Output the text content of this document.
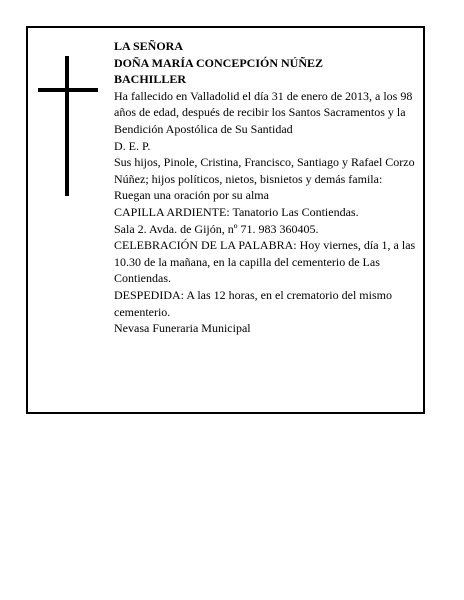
LA SEÑORA

DOÑA MARÍA CONCEPCIÓN NÚÑEZ

BACHILLER

Ha fallecido en Valladolid el día 31 de enero de 2013, a los 98 años de edad, después de recibir los Santos Sacramentos y la Bendición Apostólica de Su Santidad

D. E. P.

Sus hijos, Pinole, Cristina, Francisco, Santiago y Rafael Corzo Núñez; hijos políticos, nietos, bisnietos y demás famila:

Ruegan una oración por su alma

CAPILLA ARDIENTE: Tanatorio Las Contiendas.

Sala 2. Avda. de Gijón, nº 71. 983 360405.

CELEBRACIÓN DE LA PALABRA: Hoy viernes, día 1, a las 10.30 de la mañana, en la capilla del cementerio de Las Contiendas.

DESPEDIDA: A las 12 horas, en el crematorio del mismo cementerio.

Nevasa Funeraria Municipal
